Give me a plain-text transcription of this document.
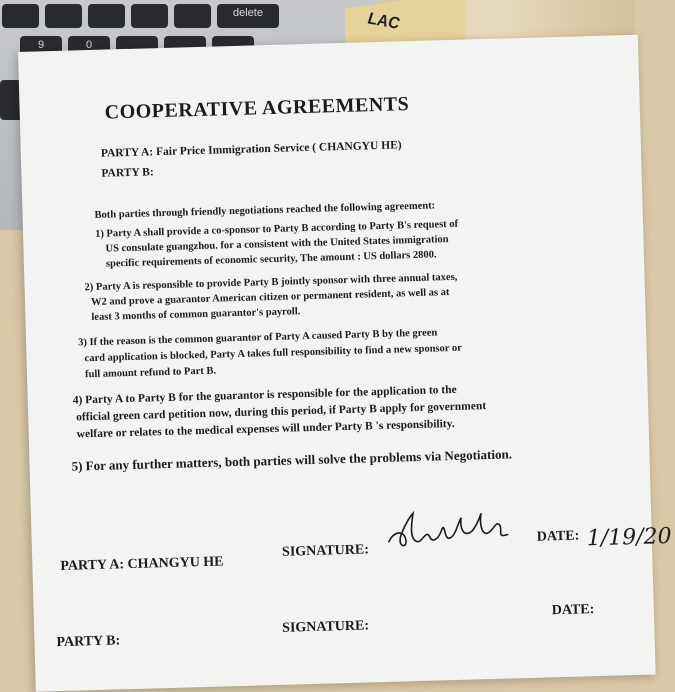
delete
9	0
LAC
COOPERATIVE AGREEMENTS
PARTY A: Fair Price Immigration Service ( CHANGYU HE)
PARTY B:
Both parties through friendly negotiations reached the following agreement:
1) Party A shall provide a co-sponsor to Party B according to Party B's request of
US consulate guangzhou. for a consistent with the United States immigration
specific requirements of economic security, The amount : US dollars 2800.
2) Party A is responsible to provide Party B jointly sponsor with three annual taxes,
W2 and prove a guarantor American citizen or permanent resident, as well as at
least 3 months of common guarantor's payroll.
3) If the reason is the common guarantor of Party A caused Party B by the green
card application is blocked, Party A takes full responsibility to find a new sponsor or
full amount refund to Part B.
4) Party A to Party B for the guarantor is responsible for the application to the
official green card petition now, during this period, if Party B apply for government
welfare or relates to the medical expenses will under Party B 's responsibility.
5) For any further matters, both parties will solve the problems via Negotiation.
PARTY A: CHANGYU HE
SIGNATURE:
DATE: 1/19/20
PARTY B:
SIGNATURE:
DATE:
